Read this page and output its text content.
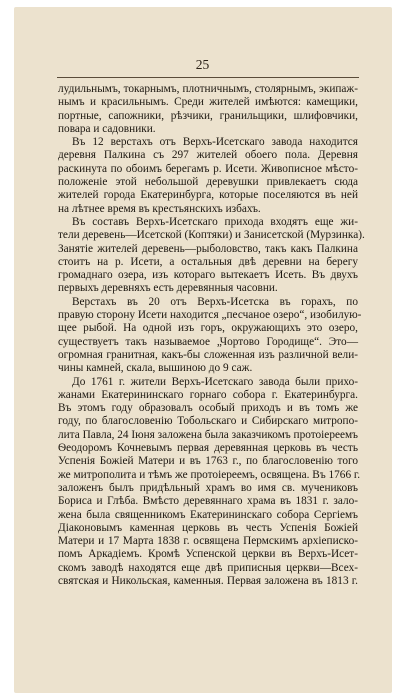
25
лудильнымъ, токарнымъ, плотничнымъ, столярнымъ, экипаж-
нымъ и красильнымъ. Среди жителей имѣются: камещики,
портные, сапожники, рѣзчики, гранильщики, шлифовчики,
повара и садовники.
Въ 12 верстахъ отъ Верхъ-Исетскаго завода находится
деревня Палкина съ 297 жителей обоего пола. Деревня
раскинута по обоимъ берегамъ р. Исети. Живописное мѣсто-
положеніе этой небольшой деревушки привлекаетъ сюда
жителей города Екатеринбурга, которые поселяются въ ней
на лѣтнее время въ крестьянскихъ избахъ.
Въ составъ Верхъ-Исетскаго прихода входятъ еще жи-
тели деревень—Исетской (Коптяки) и Занисетской (Мурзинка).
Занятіе жителей деревень—рыболовство, такъ какъ Палкина
стоитъ на р. Исети, а остальныя двѣ деревни на берегу
громаднаго озера, изъ котораго вытекаетъ Исеть. Въ двухъ
первыхъ деревняхъ есть деревянныя часовни.
Верстахъ въ 20 отъ Верхъ-Исетска въ горахъ, по
правую сторону Исети находится „песчаное озеро“, изобилую-
щее рыбой. На одной изъ горъ, окружающихъ это озеро,
существуетъ такъ называемое „Чортово Городище“. Это—
огромная гранитная, какъ-бы сложенная изъ различной вели-
чины камней, скала, вышиною до 9 саж.
До 1761 г. жители Верхъ-Исетскаго завода были прихо-
жанами Екатерининскаго горнаго собора г. Екатеринбурга.
Въ этомъ году образовалъ особый приходъ и въ томъ же
году, по благословенію Тобольскаго и Сибирскаго митропо-
лита Павла, 24 Іюня заложена была заказчикомъ протоіереемъ
Ѳеодоромъ Кочневымъ первая деревянная церковь въ честь
Успенія Божіей Матери и въ 1763 г., по благословенію того
же митрополита и тѣмъ же протоіереемъ, освящена. Въ 1766 г.
заложенъ былъ придѣльный храмъ во имя св. мучениковъ
Бориса и Глѣба. Вмѣсто деревяннаго храма въ 1831 г. зало-
жена была священникомъ Екатерининскаго собора Сергіемъ
Діаконовымъ каменная церковь въ честь Успенія Божіей
Матери и 17 Марта 1838 г. освящена Пермскимъ архіеписко-
помъ Аркадіемъ. Кромѣ Успенской церкви въ Верхъ-Исет-
скомъ заводѣ находятся еще двѣ приписныя церкви—Всех-
святская и Никольская, каменныя. Первая заложена въ 1813 г.
